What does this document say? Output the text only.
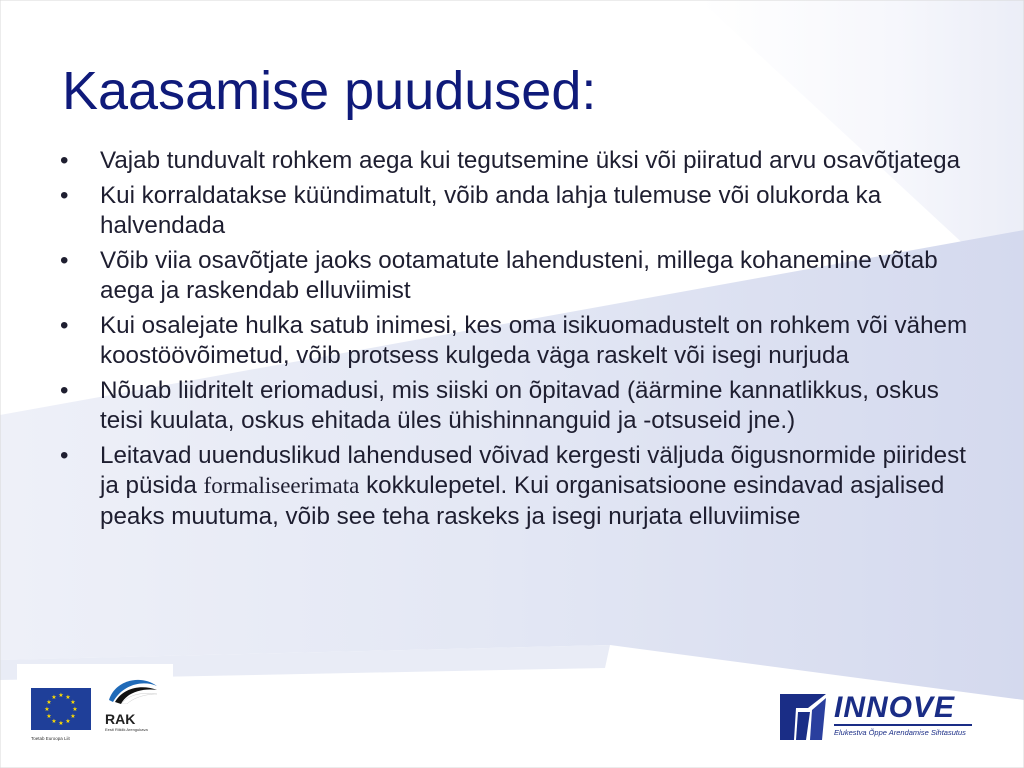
Kaasamise puudused:
• Vajab tunduvalt rohkem aega kui tegutsemine üksi või piiratud arvu osavõtjatega
• Kui korraldatakse küündimatult, võib anda lahja tulemuse või olukorda ka halvendada
• Võib viia osavõtjate jaoks ootamatute lahendusteni, millega kohanemine võtab aega ja raskendab elluviimist
• Kui osalejate hulka satub inimesi, kes oma isikuomadustelt on rohkem või vähem koostöövõimetud, võib protsess kulgeda väga raskelt või isegi nurjuda
• Nõuab liidritelt eriomadusi, mis siiski on õpitavad (äärmine kannatlikkus, oskus teisi kuulata, oskus ehitada üles ühishinnanguid ja -otsuseid jne.)
• Leitavad uuenduslikud lahendused võivad kergesti väljuda õigusnormide piiridest ja püsida formaliseerimata kokkulepetel. Kui organisatsioone esindavad asjalised peaks muutuma, võib see teha raskeks ja isegi nurjata elluviimise
★ ★
★
★
★
★
★
★
★
★
★
★
Toetab Euroopa Liit
RAK
Eesti Riiklik Arengukava
INNOVE
Elukestva Õppe Arendamise Sihtasutus
